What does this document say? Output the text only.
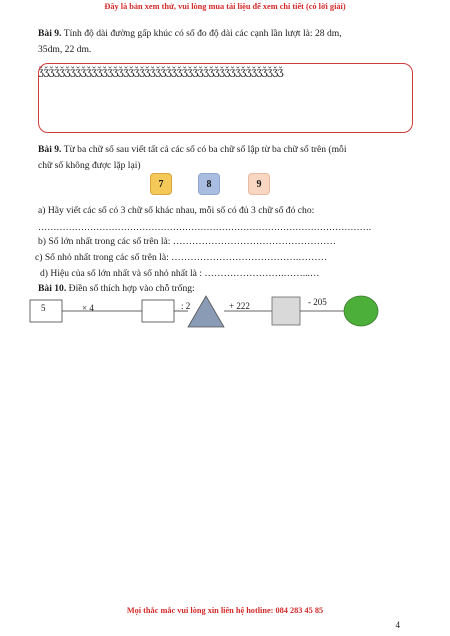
Đây là bản xem thử, vui lòng mua tài liệu để xem chi tiết (có lời giải)
Bài 9. Tính độ dài đường gấp khúc có số đo độ dài các cạnh lần lượt là: 28 dm,
35dm, 22 dm.
ǯǯǯǯǯǯǯǯǯǯǯǯǯǯǯǯǯǯǯǯǯǯǯǯǯǯǯǯǯǯǯǯǯǯǯǯǯǯǯǯǯǯǯǯǯǯ
Bài 9. Từ ba chữ số sau viết tất cả các số có ba chữ số lập từ ba chữ số trên (mỗi
chữ số không được lặp lại)
7	8	9
a) Hãy viết các số có 3 chữ số khác nhau, mỗi số có đủ 3 chữ số đó cho:
……………………………………………………………………………………………….
b) Số lớn nhất trong các số trên là: ……………………………………………
c) Số nhỏ nhất trong các số trên là: ………………………………….………
d) Hiệu của số lớn nhất và số nhỏ nhất là : …………………….……...…
Bài 10. Điền số thích hợp vào chỗ trống:
5	× 4	: 2	+ 222	- 205
Mọi thắc mắc vui lòng xin liên hệ hotline: 084 283 45 85
4
